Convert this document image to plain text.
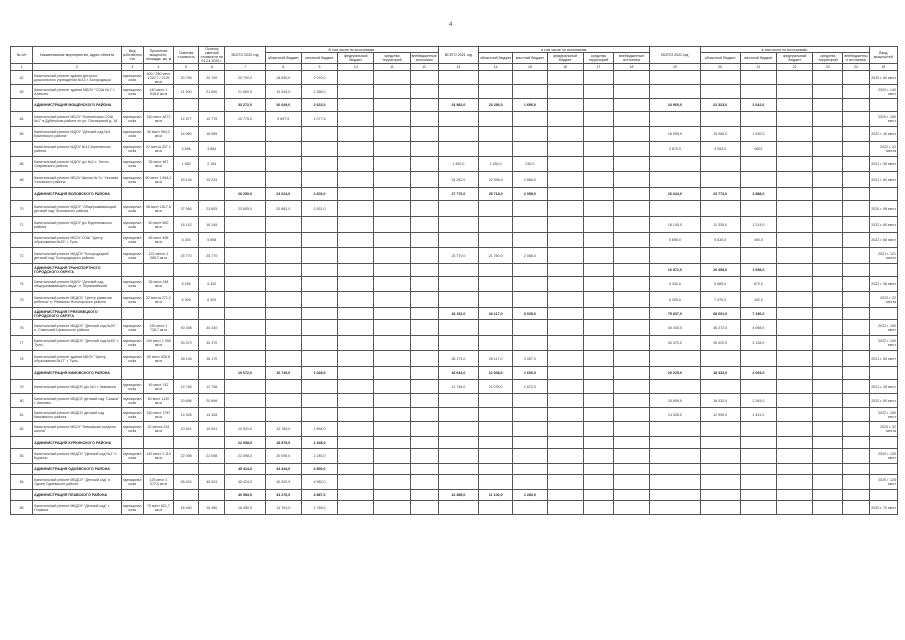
4
№ п/п	Наименование мероприятия, адрес объекта	Вид собственности	Проектная мощность, площадь, км, м	Сметная стоимость	Остаток сметной стоимости на 01.01.2020 г.	ВСЕГО 2020 год	В том числе по источникам:					ВСЕГО 2021 год	в том числе по источникам:					ВСЕГО 2022 год	в том числе по источникам:					Ввод мощностей
							областной бюджет	местный бюджет	федеральный бюджет	средства территорий	внебюджетные источники		областной бюджет	местный бюджет	федеральный бюджет	средства территорий	внебюджетные источники		областной бюджет	местный бюджет	федеральный бюджет	средства территорий	внебюджетные источники	
1	2	3	4	5	6	7	8	9	10	11	12	13	14	15	16	17	18	19	20	21	22	23	24	25
62	Капитальный ремонт здания детского дошкольного учреждения №10 г. Богородицка	муниципальная	400 / 280 мест 1762,7 / 2125 кв.м	20 756	20 700	20 700,0	18 630,0	2 070,0																2020 г. 60 мест
63	Капитальный ремонт здания МБОУ "СОШ №1" г. Алексин	муниципальная	140 мест 1 518,6 кв.м	21 600	21 600	21 600,0	19 244,0	2 356,0																2020 г. 140 мест
	АДМИНИСТРАЦИЯ МОЩЕНСКОГО РАЙОНА					33 272,0	26 649,0	2 623,0				24 982,0	23 286,0	1 696,0				24 965,0	22 323,0	2 642,0				
64	Капитальный ремонт МБОУ "Клешенская СОШ №1" в Дубенском районе по ул. Пионерской д. 18	муниципальная	160 мест 4873 кв.м	12 577	10 775	10 775,0	9 697,5	1 077,5																2020 г. 160 мест
65	Капитальный ремонт МДОУ "Детский сад №3 Каменского района"	муниципальная	40 мест 984,2 кв.м	16 960	16 595													16 595,0	15 065,0	1 530,0				2022 г. 40 мест
	Капитальный ремонт МДОУ №11 Киреевского района	муниципальная	22 места 437 1 кв.м	4 696	3 884													3 870,0	3 053,0	0822				2022 г. 22 места
66	Капитальный ремонт МДОУ д/с №2 с. Тепло-Огаревского района	муниципальная	35 мест 487 кв.м	1 650	2 184							1 450,0	1 450,0	230,0										2021 г. 35 мест
68	Капитальный ремонт МБОУ Школа № 3 г. Узловая Узловского района	муниципальная	60 мест 1 654,2 кв.м	43 146	10 234							24 282,0	22 396,0	1 886,0										2021 г. 60 мест
	АДМИНИСТРАЦИЯ ВОЛОВСКОГО РАЙОНА					26 250,0	23 624,0	2 600,0				27 776,0	25 718,0	2 058,0				26 644,0	23 773,0	2 888,0				
70	Капитальный ремонт МДОУ "Общеразвивающий детский сад" Воловского района	муниципальная	98 мест 1817,5 кв.м	27 060	23 605	23 605,0	20 883,0	2 921,0																2020 г. 98 мест
71	Капитальный ремонт МДОУ д/с Ефремовского района	муниципальная	60 мест 850 кв.м	16 142	16 145													16 145,0	11 335,0	1 214,0				2022 г. 60 мест
	Капитальный ремонт МБОУ СОШ "Центр образования №15" г. Тулы	муниципальная	85 мест 498 кв.м	6 254	5 698													5 698,0	5 630,0	490,0				2022 г. 85 мест
72	Капитальный ремонт МКДОУ "Богородицкий детский сад" Богородицкого района	муниципальная	121 место 1 085,2 кв.м	25 770	25 770							23 770,0	21 750,0	2 058,0										2021 г. 121 место
	АДМИНИСТРАЦИЯ ТРАНСПОРТНОГО ГОРОДСКОГО ОКРУГА																	16 872,0	20 458,0	1 698,0				
74	Капитальный ремонт МДОУ "Детский сад общеразвивающего вида" п. Первомайский	муниципальная	36 мест 248 кв.м	8 165	5 432													5 430,0	5 685,0	870,0				2022 г. 36 мест
75	Капитальный ремонт МБДОУ "Центр развития ребенка" п. Ревякино Ясногорского района	муниципальная	22 места 271,2 кв.м	6 309	6 309													6 309,0	7 470,0	402,0				2022 г. 22 места
	АДМИНИСТРАЦИЯ ГРЯЗОВЕЦКОГО ГОРОДСКОГО ОКРУГА											43 152,0	40 117,0	3 035,0				75 837,0	68 691,0	7 196,0				
76	Капитальный ремонт МБДОУ "Детский сад №20" п. Советский Щекинского района	муниципальная	150 мест 1 728,7 кв.м	40 348	40 340													40 340,0	36 272,0	4 068,0				2022 г. 150 мест
77	Капитальный ремонт МБДОУ "Детский сад №45" г. Тулы	муниципальная	140 мест 1 355 кв.м	30 370	30 370													30 370,0	26 420,0	3 128,0				2022 г. 140 мест
78	Капитальный ремонт здания МБОУ "Центр образования №17" г. Тулы	муниципальная	60 мест 835,8 кв.м	28 145	28 170							28 173,0	25 117,0	3 057,0										2021 г. 60 мест
	АДМИНИСТРАЦИЯ КИМОВСКОГО РАЙОНА					10 072,0	10 745,0	1 028,0				16 644,0	12 008,0	1 636,0				20 225,0	18 433,0	2 093,0				
79	Капитальный ремонт МБДОУ д/с №1 г. Кимовска	муниципальная	45 мест 742 кв.м	12 746	12 746							12 746,0	11 078,0	1 672,0										2021 г. 45 мест
80	Капитальный ремонт МБДОУ детский сад "Сказка" г. Кимовск	муниципальная	60 мест 1130 кв.м	20 696	20 696													20 696,0	18 432,0	2 284,0				2022 г. 60 мест
81	Капитальный ремонт МБДОУ детский сад Кимовского района	муниципальная	160 мест 1787 кв.м	14 328	14 328													14 328,0	12 995,0	1 431,0				2022 г. 160 мест
82	Капитальный ремонт МБОУ "Кимовская средняя школа"	муниципальная	32 места 434 кв.м	10 541	10 541	10 541,0	12 784,0	1 654,0																2020 г. 32 места
	АДМИНИСТРАЦИЯ КУРКИНСКОГО РАЙОНА					22 098,0	18 879,0	2 348,0																
83	Капитальный ремонт МКДОУ "Детский сад №1" п. Куркино	муниципальная	130 мест 1 110 кв.м	22 098	22 098	22 098,0	20 095,0	2 245,0																2020 г. 130 мест
	АДМИНИСТРАЦИЯ ОДОЕВСКОГО РАЙОНА					45 424,0	43 444,0	4 500,0																
84	Капитальный ремонт МБДОУ "Детский сад" п. Одоев Одоевского района	муниципальная	125 мест 2 072,6 кв.м	45 424	45 424	45 424,0	40 020,0	4 962,0																2020 г. 125 мест
	АДМИНИСТРАЦИЯ ПЛАВСКОГО РАЙОНА					40 983,0	34 276,0	3 887,0				12 385,0	11 102,0	1 283,0										
85	Капитальный ремонт МКДОУ "Детский сад" г. Плавска	муниципальная	70 мест 821,7 кв.м	16 450	16 450	16 450,0	14 704,0	1 746,0																2020 г. 70 мест
